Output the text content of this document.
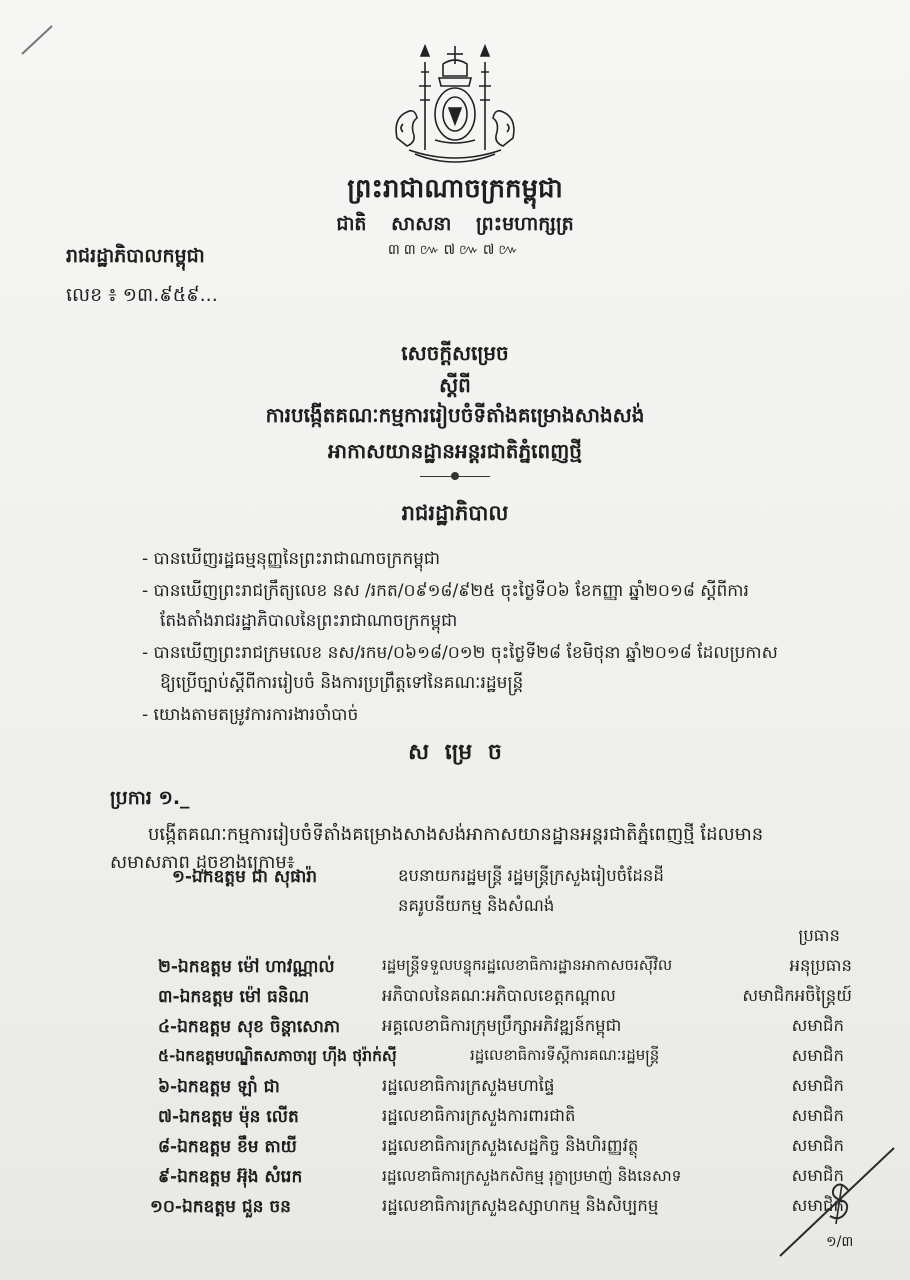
ព្រះរាជាណាចក្រកម្ពុជា
ជាតិ សាសនា ព្រះមហាក្សត្រ
៣៣៚៧៚៧៚
រាជរដ្ឋាភិបាលកម្ពុជា
លេខ ៖ ១៣.៩៥៩...
សេចក្ដីសម្រេច
ស្ដីពី
ការបង្កើតគណៈកម្មការរៀបចំទីតាំងគម្រោងសាងសង់
អាកាសយានដ្ឋានអន្តរជាតិភ្នំពេញថ្មី
រាជរដ្ឋាភិបាល
- បានឃើញរដ្ឋធម្មនុញ្ញនៃព្រះរាជាណាចក្រកម្ពុជា
- បានឃើញព្រះរាជក្រឹត្យលេខ នស /រកត/០៩១៨/៩២៥ ចុះថ្ងៃទី០៦ ខែកញ្ញា ឆ្នាំ២០១៨ ស្ដីពីការ
តែងតាំងរាជរដ្ឋាភិបាលនៃព្រះរាជាណាចក្រកម្ពុជា
- បានឃើញព្រះរាជក្រមលេខ នស/រកម/០៦១៨/០១២ ចុះថ្ងៃទី២៨ ខែមិថុនា ឆ្នាំ២០១៨ ដែលប្រកាស
ឱ្យប្រើច្បាប់ស្ដីពីការរៀបចំ និងការប្រព្រឹត្តទៅនៃគណៈរដ្ឋមន្ត្រី
- យោងតាមតម្រូវការការងារចាំបាច់
ស ម្រេ ច
ប្រការ ១._
បង្កើតគណៈកម្មការរៀបចំទីតាំងគម្រោងសាងសង់អាកាសយានដ្ឋានអន្តរជាតិភ្នំពេញថ្មី ដែលមាន
សមាសភាព ដូចខាងក្រោម៖
១-ឯកឧត្ដម ជា សុផារ៉ា	ឧបនាយករដ្ឋមន្ត្រី រដ្ឋមន្ត្រីក្រសួងរៀបចំដែនដី
នគរូបនីយកម្ម និងសំណង់
ប្រធាន
២-ឯកឧត្ដម ម៉ៅ ហាវណ្ណាល់	រដ្ឋមន្ត្រីទទួលបន្ទុករដ្ឋលេខាធិការដ្ឋានអាកាសចរស៊ីវិល	អនុប្រធាន
៣-ឯកឧត្ដម ម៉ៅ ធនិណ	អភិបាលនៃគណៈអភិបាលខេត្តកណ្ដាល	សមាជិកអចិន្ត្រៃយ៍
៤-ឯកឧត្ដម សុខ ចិន្ដាសោភា	អគ្គលេខាធិការក្រុមប្រឹក្សាអភិវឌ្ឍន៍កម្ពុជា	សមាជិក
៥-ឯកឧត្ដមបណ្ឌិតសភាចារ្យ ហ៊ីង ថុរ៉ាក់ស៊ី	រដ្ឋលេខាធិការទីស្ដីការគណៈរដ្ឋមន្ត្រី	សមាជិក
៦-ឯកឧត្ដម ឡាំ ជា	រដ្ឋលេខាធិការក្រសួងមហាផ្ទៃ	សមាជិក
៧-ឯកឧត្ដម ម៉ុន លើត	រដ្ឋលេខាធិការក្រសួងការពារជាតិ	សមាជិក
៨-ឯកឧត្ដម ខឹម តាយី	រដ្ឋលេខាធិការក្រសួងសេដ្ឋកិច្ច និងហិរញ្ញវត្ថុ	សមាជិក
៩-ឯកឧត្ដម អ៊ុង សំរេក	រដ្ឋលេខាធិការក្រសួងកសិកម្ម រុក្ខាប្រមាញ់ និងនេសាទ	សមាជិក
១០-ឯកឧត្ដម ជួន ចន	រដ្ឋលេខាធិការក្រសួងឧស្សាហកម្ម និងសិប្បកម្ម	សមាជិក
១/៣
